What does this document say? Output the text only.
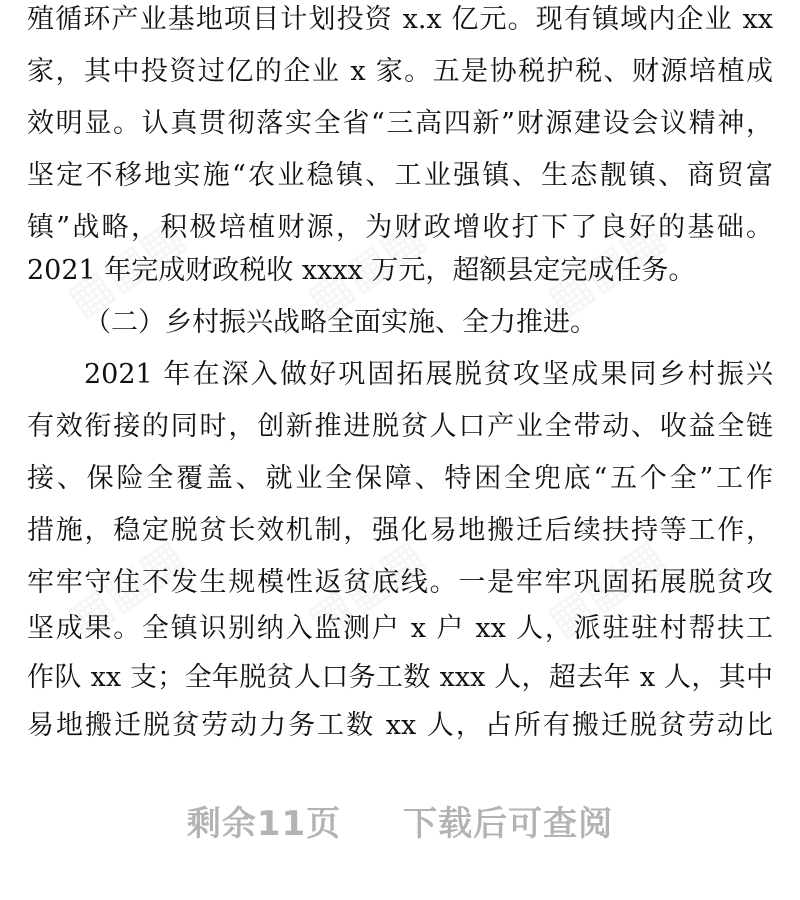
殖循环产业基地项目计划投资 x.x 亿元。现有镇域内企业 xx
家，其中投资过亿的企业 x 家。五是协税护税、财源培植成
效明显。认真贯彻落实全省“三高四新”财源建设会议精神，
坚定不移地实施“农业稳镇、工业强镇、生态靓镇、商贸富
镇”战略，积极培植财源，为财政增收打下了良好的基础。
2021 年完成财政税收 xxxx 万元，超额县定完成任务。
（二）乡村振兴战略全面实施、全力推进。
2021 年在深入做好巩固拓展脱贫攻坚成果同乡村振兴
有效衔接的同时，创新推进脱贫人口产业全带动、收益全链
接、保险全覆盖、就业全保障、特困全兜底“五个全”工作
措施，稳定脱贫长效机制，强化易地搬迁后续扶持等工作，
牢牢守住不发生规模性返贫底线。一是牢牢巩固拓展脱贫攻
坚成果。全镇识别纳入监测户 x 户 xx 人，派驻驻村帮扶工
作队 xx 支；全年脱贫人口务工数 xxx 人，超去年 x 人，其中
易地搬迁脱贫劳动力务工数 xx 人，占所有搬迁脱贫劳动比
剩余11页 下载后可查阅
